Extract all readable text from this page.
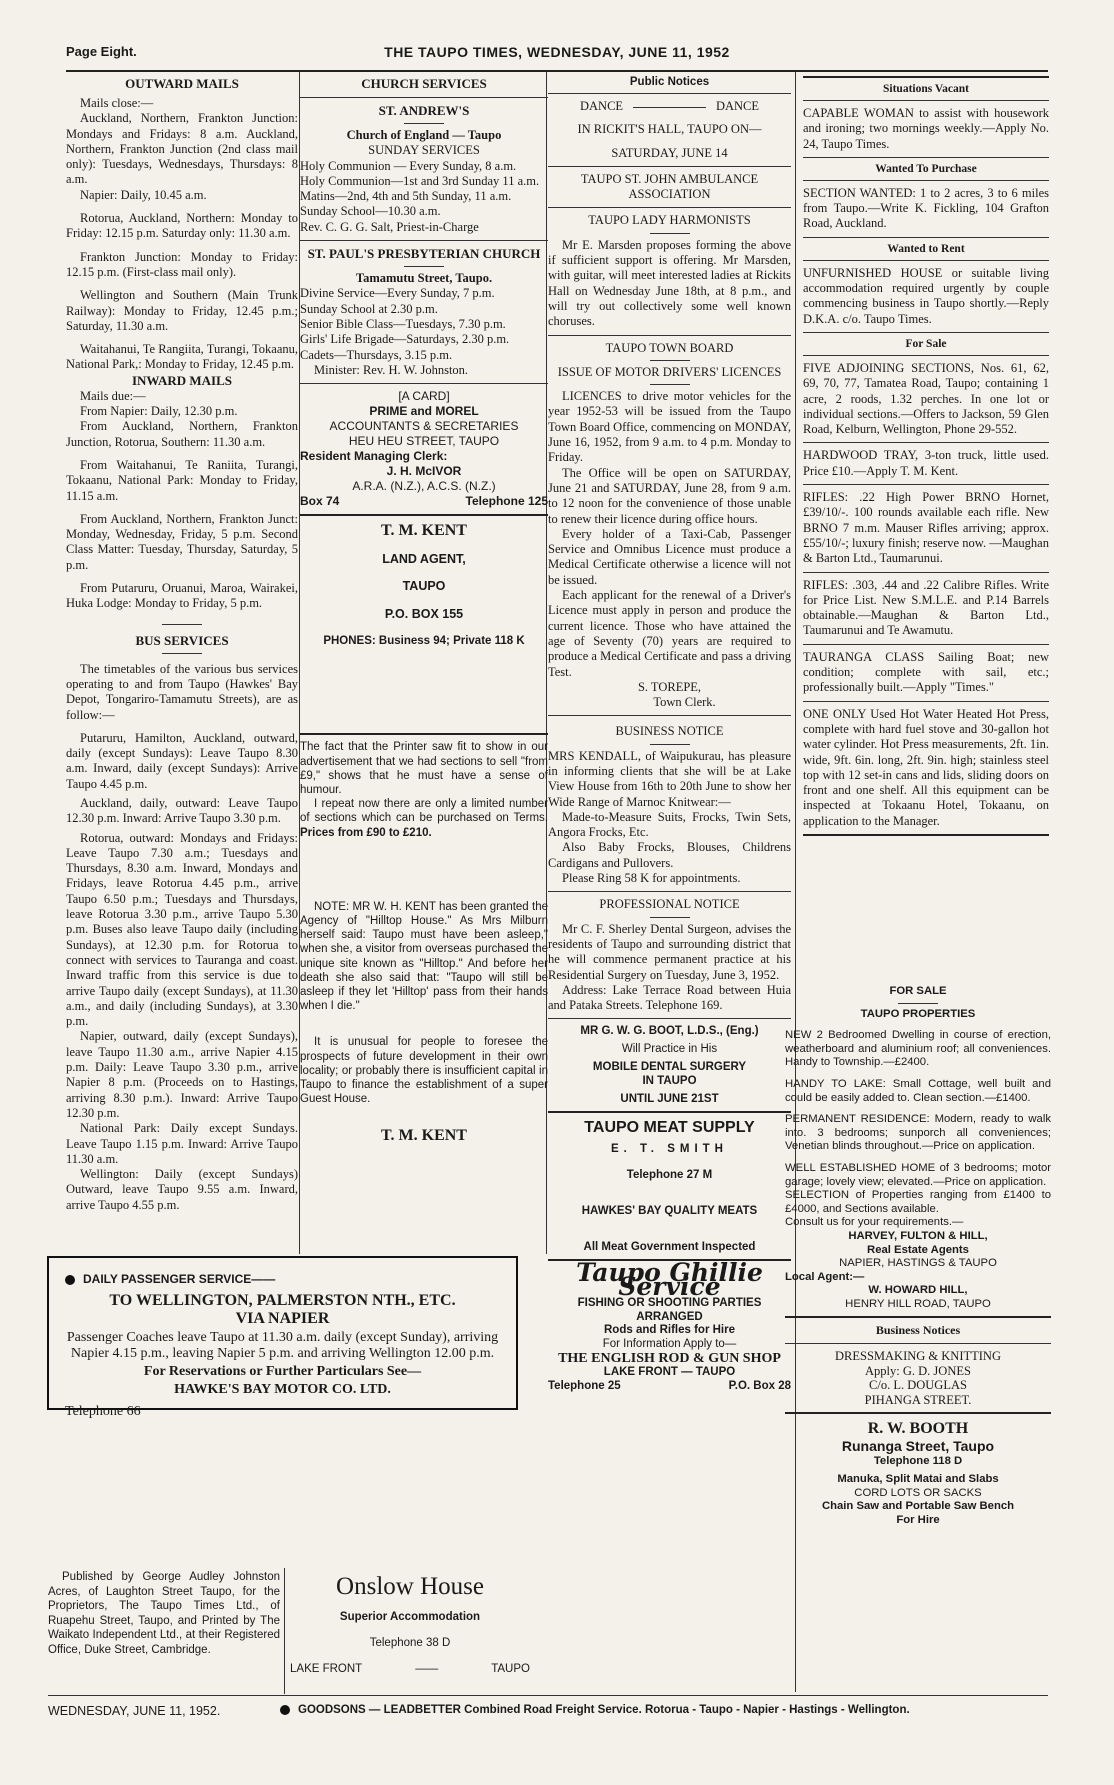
Page Eight.	THE TAUPO TIMES, WEDNESDAY, JUNE 11, 1952

OUTWARD MAILS

Mails close:—

Auckland, Northern, Frankton Junction: Mondays and Fridays: 8 a.m. Auckland, Northern, Frankton Junction (2nd class mail only): Tuesdays, Wednesdays, Thursdays: 8 a.m.

Napier: Daily, 10.45 a.m.

Rotorua, Auckland, Northern: Monday to Friday: 12.15 p.m. Saturday only: 11.30 a.m.

Frankton Junction: Monday to Friday: 12.15 p.m. (First-class mail only).

Wellington and Southern (Main Trunk Railway): Monday to Friday, 12.45 p.m.; Saturday, 11.30 a.m.

Waitahanui, Te Rangiita, Turangi, Tokaanu, National Park,: Monday to Friday, 12.45 p.m.

INWARD MAILS

Mails due:—

From Napier: Daily, 12.30 p.m.

From Auckland, Northern, Frankton Junction, Rotorua, Southern: 11.30 a.m.

From Waitahanui, Te Raniita, Turangi, Tokaanu, National Park: Monday to Friday, 11.15 a.m.

From Auckland, Northern, Frankton Junct: Monday, Wednesday, Friday, 5 p.m. Second Class Matter: Tuesday, Thursday, Saturday, 5 p.m.

From Putaruru, Oruanui, Maroa, Wairakei, Huka Lodge: Monday to Friday, 5 p.m.

BUS SERVICES

The timetables of the various bus services operating to and from Taupo (Hawkes' Bay Depot, Tongariro-Tamamutu Streets), are as follow:—

Putaruru, Hamilton, Auckland, outward, daily (except Sundays): Leave Taupo 8.30 a.m. Inward, daily (except Sundays): Arrive Taupo 4.45 p.m.

Auckland, daily, outward: Leave Taupo 12.30 p.m. Inward: Arrive Taupo 3.30 p.m.

Rotorua, outward: Mondays and Fridays: Leave Taupo 7.30 a.m.; Tuesdays and Thursdays, 8.30 a.m. Inward, Mondays and Fridays, leave Rotorua 4.45 p.m., arrive Taupo 6.50 p.m.; Tuesdays and Thursdays, leave Rotorua 3.30 p.m., arrive Taupo 5.30 p.m. Buses also leave Taupo daily (including Sundays), at 12.30 p.m. for Rotorua to connect with services to Tauranga and coast. Inward traffic from this service is due to arrive Taupo daily (except Sundays), at 11.30 a.m., and daily (including Sundays), at 3.30 p.m.

Napier, outward, daily (except Sundays), leave Taupo 11.30 a.m., arrive Napier 4.15 p.m. Daily: Leave Taupo 3.30 p.m., arrive Napier 8 p.m. (Proceeds on to Hastings, arriving 8.30 p.m.). Inward: Arrive Taupo 12.30 p.m.

National Park: Daily except Sundays. Leave Taupo 1.15 p.m. Inward: Arrive Taupo 11.30 a.m.

Wellington: Daily (except Sundays) Outward, leave Taupo 9.55 a.m. Inward, arrive Taupo 4.55 p.m.

CHURCH SERVICES

ST. ANDREW'S

Church of England — Taupo

SUNDAY SERVICES

Holy Communion — Every Sunday, 8 a.m.

Holy Communion—1st and 3rd Sunday 11 a.m.

Matins—2nd, 4th and 5th Sunday, 11 a.m.

Sunday School—10.30 a.m.

Rev. C. G. G. Salt, Priest-in-Charge

ST. PAUL'S PRESBYTERIAN CHURCH

Tamamutu Street, Taupo.

Divine Service—Every Sunday, 7 p.m.

Sunday School at 2.30 p.m.

Senior Bible Class—Tuesdays, 7.30 p.m.

Girls' Life Brigade—Saturdays, 2.30 p.m.

Cadets—Thursdays, 3.15 p.m.

Minister: Rev. H. W. Johnston.

[A CARD]

PRIME and MOREL

ACCOUNTANTS & SECRETARIES

HEU HEU STREET, TAUPO

Resident Managing Clerk:

J. H. McIVOR

A.R.A. (N.Z.), A.C.S. (N.Z.)

Box 74	Telephone 125

T. M. KENT

LAND AGENT,

TAUPO

P.O. BOX 155

PHONES: Business 94; Private 118 K

The fact that the Printer saw fit to show in our advertisement that we had sections to sell "from £9," shows that he must have a sense of humour.

I repeat now there are only a limited number of sections which can be purchased on Terms. Prices from £90 to £210.

NOTE: MR W. H. KENT has been granted the Agency of "Hilltop House." As Mrs Milburn herself said: Taupo must have been asleep," when she, a visitor from overseas purchased the unique site known as "Hilltop." And before her death she also said that: "Taupo will still be asleep if they let 'Hilltop' pass from their hands when I die."

It is unusual for people to foresee the prospects of future development in their own locality; or probably there is insufficient capital in Taupo to finance the establishment of a super Guest House.

T. M. KENT

Public Notices

DANCE	DANCE

IN RICKIT'S HALL, TAUPO ON—

SATURDAY, JUNE 14

TAUPO ST. JOHN AMBULANCE ASSOCIATION

TAUPO LADY HARMONISTS

Mr E. Marsden proposes forming the above if sufficient support is offering. Mr Marsden, with guitar, will meet interested ladies at Rickits Hall on Wednesday June 18th, at 8 p.m., and will try out collectively some well known choruses.

TAUPO TOWN BOARD

ISSUE OF MOTOR DRIVERS' LICENCES

LICENCES to drive motor vehicles for the year 1952-53 will be issued from the Taupo Town Board Office, commencing on MONDAY, June 16, 1952, from 9 a.m. to 4 p.m. Monday to Friday.

The Office will be open on SATURDAY, June 21 and SATURDAY, June 28, from 9 a.m. to 12 noon for the convenience of those unable to renew their licence during office hours.

Every holder of a Taxi-Cab, Passenger Service and Omnibus Licence must produce a Medical Certificate otherwise a licence will not be issued.

Each applicant for the renewal of a Driver's Licence must apply in person and produce the current licence. Those who have attained the age of Seventy (70) years are required to produce a Medical Certificate and pass a driving Test.

S. TOREPE,

Town Clerk.

BUSINESS NOTICE

MRS KENDALL, of Waipukurau, has pleasure in informing clients that she will be at Lake View House from 16th to 20th June to show her Wide Range of Marnoc Knitwear:—

Made-to-Measure Suits, Frocks, Twin Sets, Angora Frocks, Etc.

Also Baby Frocks, Blouses, Childrens Cardigans and Pullovers.

Please Ring 58 K for appointments.

PROFESSIONAL NOTICE

Mr C. F. Sherley Dental Surgeon, advises the residents of Taupo and surrounding district that he will commence permanent practice at his Residential Surgery on Tuesday, June 3, 1952.

Address: Lake Terrace Road between Huia and Pataka Streets. Telephone 169.

MR G. W. G. BOOT, L.D.S., (Eng.)

Will Practice in His

MOBILE DENTAL SURGERY

IN TAUPO

UNTIL JUNE 21ST

TAUPO MEAT SUPPLY

E. T. SMITH

Telephone 27 M

HAWKES' BAY QUALITY MEATS

All Meat Government Inspected

Taupo Ghillie Service

FISHING OR SHOOTING PARTIES ARRANGED

Rods and Rifles for Hire

For Information Apply to—

THE ENGLISH ROD & GUN SHOP

LAKE FRONT — TAUPO

Telephone 25	P.O. Box 28

Situations Vacant

CAPABLE WOMAN to assist with housework and ironing; two mornings weekly.—Apply No. 24, Taupo Times.

Wanted To Purchase

SECTION WANTED: 1 to 2 acres, 3 to 6 miles from Taupo.—Write K. Fickling, 104 Grafton Road, Auckland.

Wanted to Rent

UNFURNISHED HOUSE or suitable living accommodation required urgently by couple commencing business in Taupo shortly.—Reply D.K.A. c/o. Taupo Times.

For Sale

FIVE ADJOINING SECTIONS, Nos. 61, 62, 69, 70, 77, Tamatea Road, Taupo; containing 1 acre, 2 roods, 1.32 perches. In one lot or individual sections.—Offers to Jackson, 59 Glen Road, Kelburn, Wellington, Phone 29-552.

HARDWOOD TRAY, 3-ton truck, little used. Price £10.—Apply T. M. Kent.

RIFLES: .22 High Power BRNO Hornet, £39/10/-. 100 rounds available each rifle. New BRNO 7 m.m. Mauser Rifles arriving; approx. £55/10/-; luxury finish; reserve now. —Maughan & Barton Ltd., Taumarunui.

RIFLES: .303, .44 and .22 Calibre Rifles. Write for Price List. New S.M.L.E. and P.14 Barrels obtainable.—Maughan & Barton Ltd., Taumarunui and Te Awamutu.

TAURANGA CLASS Sailing Boat; new condition; complete with sail, etc.; professionally built.—Apply "Times."

ONE ONLY Used Hot Water Heated Hot Press, complete with hard fuel stove and 30-gallon hot water cylinder. Hot Press measurements, 2ft. 1in. wide, 9ft. 6in. long, 2ft. 9in. high; stainless steel top with 12 set-in cans and lids, sliding doors on front and one shelf. All this equipment can be inspected at Tokaanu Hotel, Tokaanu, on application to the Manager.

FOR SALE

TAUPO PROPERTIES

NEW 2 Bedroomed Dwelling in course of erection, weatherboard and aluminium roof; all conveniences. Handy to Township.—£2400.

HANDY TO LAKE: Small Cottage, well built and could be easily added to. Clean section.—£1400.

PERMANENT RESIDENCE: Modern, ready to walk into. 3 bedrooms; sunporch all conveniences; Venetian blinds throughout.—Price on application.

WELL ESTABLISHED HOME of 3 bedrooms; motor garage; lovely view; elevated.—Price on application.

SELECTION of Properties ranging from £1400 to £4000, and Sections available.

Consult us for your requirements.—

HARVEY, FULTON & HILL,

Real Estate Agents

NAPIER, HASTINGS & TAUPO

Local Agent:—

W. HOWARD HILL,

HENRY HILL ROAD, TAUPO

Business Notices

DRESSMAKING & KNITTING

Apply: G. D. JONES

C/o. L. DOUGLAS

PIHANGA STREET.

R. W. BOOTH

Runanga Street, Taupo

Telephone 118 D

Manuka, Split Matai and Slabs

CORD LOTS OR SACKS

Chain Saw and Portable Saw Bench

For Hire

DAILY PASSENGER SERVICE——

TO WELLINGTON, PALMERSTON NTH., ETC.

VIA NAPIER

Passenger Coaches leave Taupo at 11.30 a.m. daily (except Sunday), arriving Napier 4.15 p.m., leaving Napier 5 p.m. and arriving Wellington 12.00 p.m.

For Reservations or Further Particulars See—

HAWKE'S BAY MOTOR CO. LTD.

Telephone 66

Published by George Audley Johnston Acres, of Laughton Street Taupo, for the Proprietors, The Taupo Times Ltd., of Ruapehu Street, Taupo, and Printed by The Waikato Independent Ltd., at their Registered Office, Duke Street, Cambridge.

Onslow House

Superior Accommodation

Telephone 38 D

LAKE FRONT	——	TAUPO
WEDNESDAY, JUNE 11, 1952.	GOODSONS — LEADBETTER Combined Road Freight Service. Rotorua - Taupo - Napier - Hastings - Wellington.
